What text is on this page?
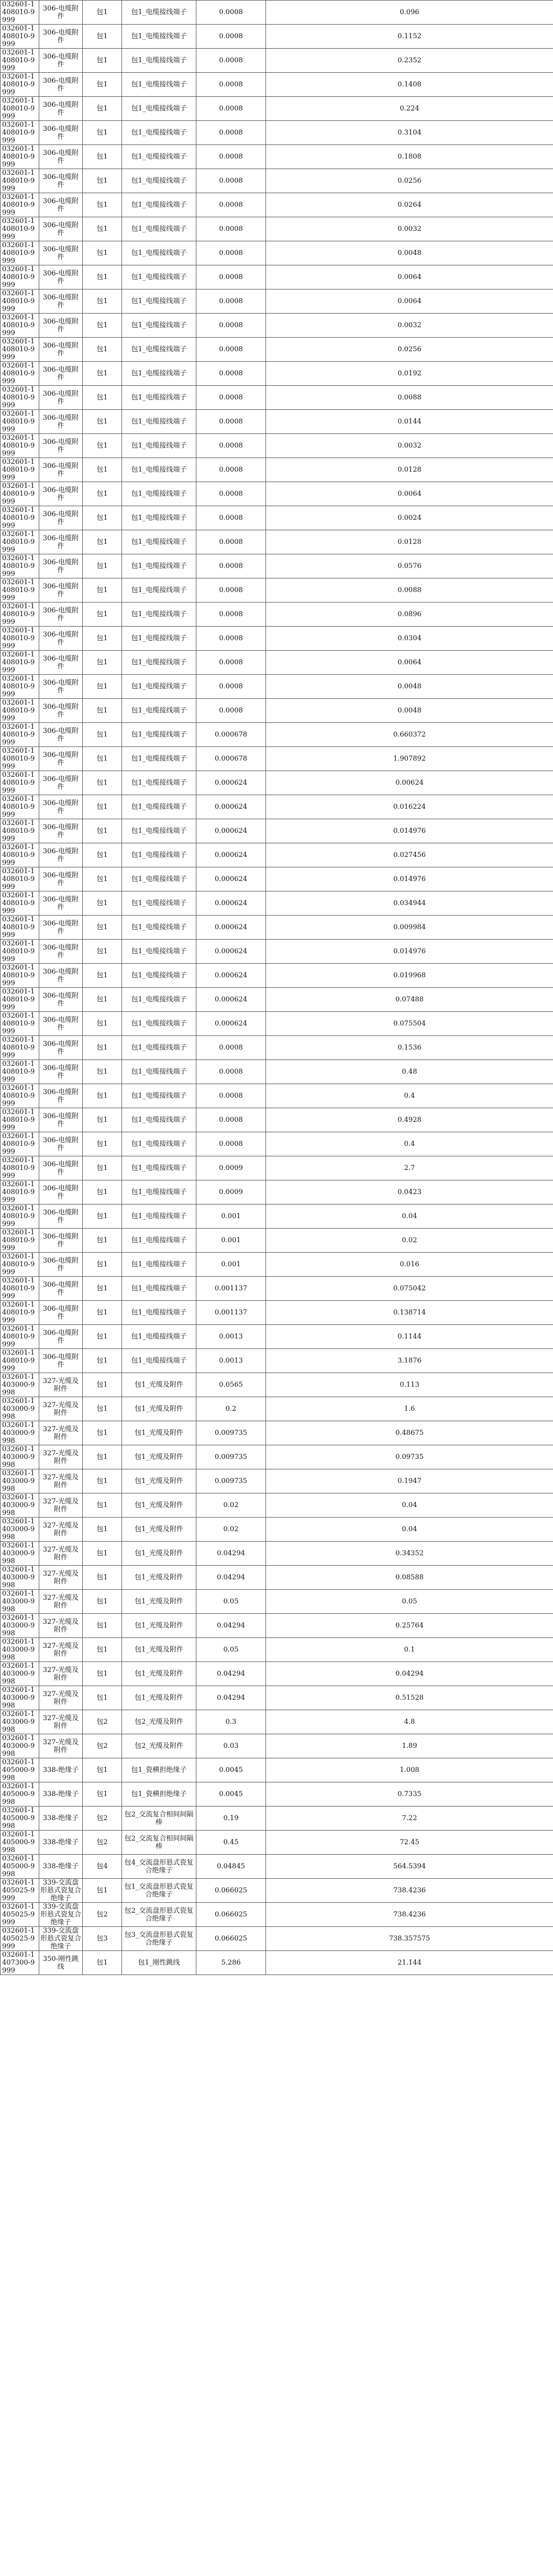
032601-1408010-9999	306-电缆附件	包1	包1_电缆接线端子	0.0008	0.096
032601-1408010-9999	306-电缆附件	包1	包1_电缆接线端子	0.0008	0.1152
032601-1408010-9999	306-电缆附件	包1	包1_电缆接线端子	0.0008	0.2352
032601-1408010-9999	306-电缆附件	包1	包1_电缆接线端子	0.0008	0.1408
032601-1408010-9999	306-电缆附件	包1	包1_电缆接线端子	0.0008	0.224
032601-1408010-9999	306-电缆附件	包1	包1_电缆接线端子	0.0008	0.3104
032601-1408010-9999	306-电缆附件	包1	包1_电缆接线端子	0.0008	0.1808
032601-1408010-9999	306-电缆附件	包1	包1_电缆接线端子	0.0008	0.0256
032601-1408010-9999	306-电缆附件	包1	包1_电缆接线端子	0.0008	0.0264
032601-1408010-9999	306-电缆附件	包1	包1_电缆接线端子	0.0008	0.0032
032601-1408010-9999	306-电缆附件	包1	包1_电缆接线端子	0.0008	0.0048
032601-1408010-9999	306-电缆附件	包1	包1_电缆接线端子	0.0008	0.0064
032601-1408010-9999	306-电缆附件	包1	包1_电缆接线端子	0.0008	0.0064
032601-1408010-9999	306-电缆附件	包1	包1_电缆接线端子	0.0008	0.0032
032601-1408010-9999	306-电缆附件	包1	包1_电缆接线端子	0.0008	0.0256
032601-1408010-9999	306-电缆附件	包1	包1_电缆接线端子	0.0008	0.0192
032601-1408010-9999	306-电缆附件	包1	包1_电缆接线端子	0.0008	0.0088
032601-1408010-9999	306-电缆附件	包1	包1_电缆接线端子	0.0008	0.0144
032601-1408010-9999	306-电缆附件	包1	包1_电缆接线端子	0.0008	0.0032
032601-1408010-9999	306-电缆附件	包1	包1_电缆接线端子	0.0008	0.0128
032601-1408010-9999	306-电缆附件	包1	包1_电缆接线端子	0.0008	0.0064
032601-1408010-9999	306-电缆附件	包1	包1_电缆接线端子	0.0008	0.0024
032601-1408010-9999	306-电缆附件	包1	包1_电缆接线端子	0.0008	0.0128
032601-1408010-9999	306-电缆附件	包1	包1_电缆接线端子	0.0008	0.0576
032601-1408010-9999	306-电缆附件	包1	包1_电缆接线端子	0.0008	0.0088
032601-1408010-9999	306-电缆附件	包1	包1_电缆接线端子	0.0008	0.0896
032601-1408010-9999	306-电缆附件	包1	包1_电缆接线端子	0.0008	0.0304
032601-1408010-9999	306-电缆附件	包1	包1_电缆接线端子	0.0008	0.0064
032601-1408010-9999	306-电缆附件	包1	包1_电缆接线端子	0.0008	0.0048
032601-1408010-9999	306-电缆附件	包1	包1_电缆接线端子	0.0008	0.0048
032601-1408010-9999	306-电缆附件	包1	包1_电缆接线端子	0.000678	0.660372
032601-1408010-9999	306-电缆附件	包1	包1_电缆接线端子	0.000678	1.907892
032601-1408010-9999	306-电缆附件	包1	包1_电缆接线端子	0.000624	0.00624
032601-1408010-9999	306-电缆附件	包1	包1_电缆接线端子	0.000624	0.016224
032601-1408010-9999	306-电缆附件	包1	包1_电缆接线端子	0.000624	0.014976
032601-1408010-9999	306-电缆附件	包1	包1_电缆接线端子	0.000624	0.027456
032601-1408010-9999	306-电缆附件	包1	包1_电缆接线端子	0.000624	0.014976
032601-1408010-9999	306-电缆附件	包1	包1_电缆接线端子	0.000624	0.034944
032601-1408010-9999	306-电缆附件	包1	包1_电缆接线端子	0.000624	0.009984
032601-1408010-9999	306-电缆附件	包1	包1_电缆接线端子	0.000624	0.014976
032601-1408010-9999	306-电缆附件	包1	包1_电缆接线端子	0.000624	0.019968
032601-1408010-9999	306-电缆附件	包1	包1_电缆接线端子	0.000624	0.07488
032601-1408010-9999	306-电缆附件	包1	包1_电缆接线端子	0.000624	0.075504
032601-1408010-9999	306-电缆附件	包1	包1_电缆接线端子	0.0008	0.1536
032601-1408010-9999	306-电缆附件	包1	包1_电缆接线端子	0.0008	0.48
032601-1408010-9999	306-电缆附件	包1	包1_电缆接线端子	0.0008	0.4
032601-1408010-9999	306-电缆附件	包1	包1_电缆接线端子	0.0008	0.4928
032601-1408010-9999	306-电缆附件	包1	包1_电缆接线端子	0.0008	0.4
032601-1408010-9999	306-电缆附件	包1	包1_电缆接线端子	0.0009	2.7
032601-1408010-9999	306-电缆附件	包1	包1_电缆接线端子	0.0009	0.0423
032601-1408010-9999	306-电缆附件	包1	包1_电缆接线端子	0.001	0.04
032601-1408010-9999	306-电缆附件	包1	包1_电缆接线端子	0.001	0.02
032601-1408010-9999	306-电缆附件	包1	包1_电缆接线端子	0.001	0.016
032601-1408010-9999	306-电缆附件	包1	包1_电缆接线端子	0.001137	0.075042
032601-1408010-9999	306-电缆附件	包1	包1_电缆接线端子	0.001137	0.138714
032601-1408010-9999	306-电缆附件	包1	包1_电缆接线端子	0.0013	0.1144
032601-1408010-9999	306-电缆附件	包1	包1_电缆接线端子	0.0013	3.1876
032601-1403000-9998	327-光缆及附件	包1	包1_光缆及附件	0.0565	0.113
032601-1403000-9998	327-光缆及附件	包1	包1_光缆及附件	0.2	1.6
032601-1403000-9998	327-光缆及附件	包1	包1_光缆及附件	0.009735	0.48675
032601-1403000-9998	327-光缆及附件	包1	包1_光缆及附件	0.009735	0.09735
032601-1403000-9998	327-光缆及附件	包1	包1_光缆及附件	0.009735	0.1947
032601-1403000-9998	327-光缆及附件	包1	包1_光缆及附件	0.02	0.04
032601-1403000-9998	327-光缆及附件	包1	包1_光缆及附件	0.02	0.04
032601-1403000-9998	327-光缆及附件	包1	包1_光缆及附件	0.04294	0.34352
032601-1403000-9998	327-光缆及附件	包1	包1_光缆及附件	0.04294	0.08588
032601-1403000-9998	327-光缆及附件	包1	包1_光缆及附件	0.05	0.05
032601-1403000-9998	327-光缆及附件	包1	包1_光缆及附件	0.04294	0.25764
032601-1403000-9998	327-光缆及附件	包1	包1_光缆及附件	0.05	0.1
032601-1403000-9998	327-光缆及附件	包1	包1_光缆及附件	0.04294	0.04294
032601-1403000-9998	327-光缆及附件	包1	包1_光缆及附件	0.04294	0.51528
032601-1403000-9998	327-光缆及附件	包2	包2_光缆及附件	0.3	4.8
032601-1403000-9998	327-光缆及附件	包2	包2_光缆及附件	0.03	1.89
032601-1405000-9998	338-绝缘子	包1	包1_瓷横担绝缘子	0.0045	1.008
032601-1405000-9998	338-绝缘子	包1	包1_瓷横担绝缘子	0.0045	0.7335
032601-1405000-9998	338-绝缘子	包2	包2_交流复合相间间隔棒	0.19	7.22
032601-1405000-9998	338-绝缘子	包2	包2_交流复合相间间隔棒	0.45	72.45
032601-1405000-9998	338-绝缘子	包4	包4_交流盘形悬式瓷复合绝缘子	0.04845	564.5394
032601-1405025-9999	339-交流盘形悬式瓷复合绝缘子	包1	包1_交流盘形悬式瓷复合绝缘子	0.066025	738.4236
032601-1405025-9999	339-交流盘形悬式瓷复合绝缘子	包2	包2_交流盘形悬式瓷复合绝缘子	0.066025	738.4236
032601-1405025-9999	339-交流盘形悬式瓷复合绝缘子	包3	包3_交流盘形悬式瓷复合绝缘子	0.066025	738.357575
032601-1407300-9999	350-刚性跳线	包1	包1_刚性跳线	5.286	21.144
